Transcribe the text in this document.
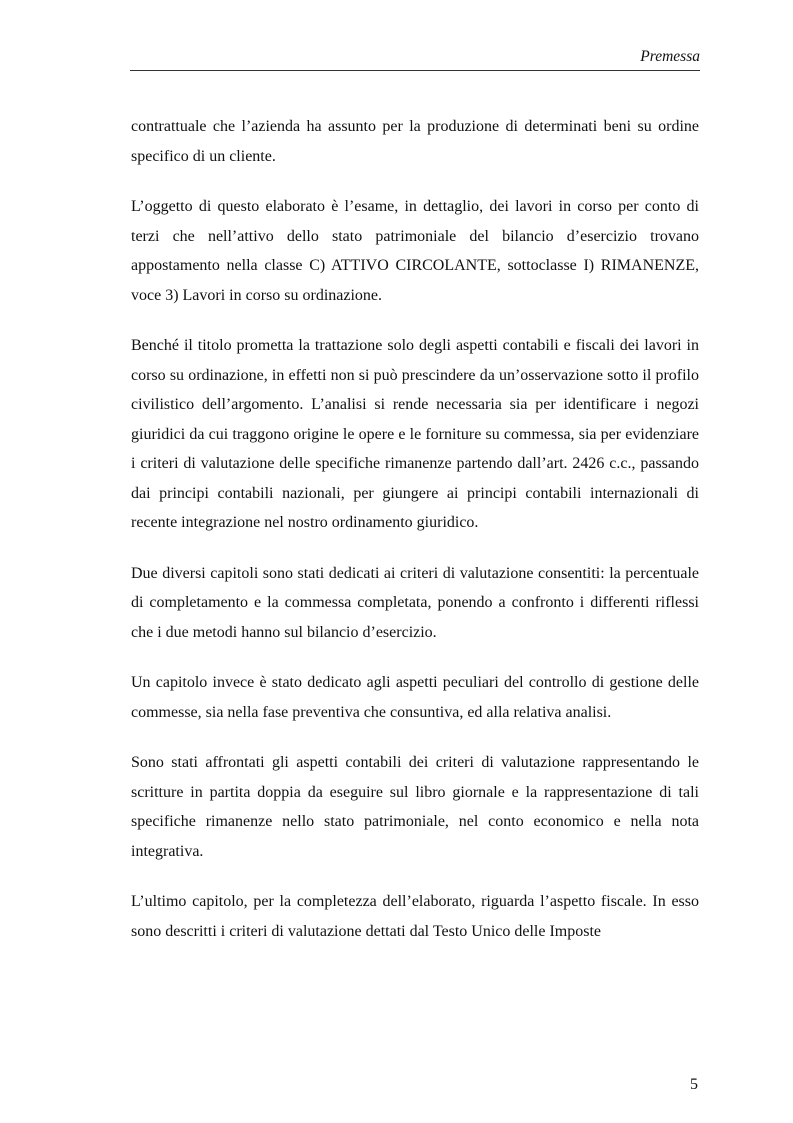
Premessa

contrattuale che l’azienda ha assunto per la produzione di determinati beni su ordine specifico di un cliente.

L’oggetto di questo elaborato è l’esame, in dettaglio, dei lavori in corso per conto di terzi che nell’attivo dello stato patrimoniale del bilancio d’esercizio trovano appostamento nella classe C) ATTIVO CIRCOLANTE, sottoclasse I) RIMANENZE, voce 3) Lavori in corso su ordinazione.

Benché il titolo prometta la trattazione solo degli aspetti contabili e fiscali dei lavori in corso su ordinazione, in effetti non si può prescindere da un’osservazione sotto il profilo civilistico dell’argomento. L’analisi si rende necessaria sia per identificare i negozi giuridici da cui traggono origine le opere e le forniture su commessa, sia per evidenziare i criteri di valutazione delle specifiche rimanenze partendo dall’art. 2426 c.c., passando dai principi contabili nazionali, per giungere ai principi contabili internazionali di recente integrazione nel nostro ordinamento giuridico.

Due diversi capitoli sono stati dedicati ai criteri di valutazione consentiti: la percentuale di completamento e la commessa completata, ponendo a confronto i differenti riflessi che i due metodi hanno sul bilancio d’esercizio.

Un capitolo invece è stato dedicato agli aspetti peculiari del controllo di gestione delle commesse, sia nella fase preventiva che consuntiva, ed alla relativa analisi.

Sono stati affrontati gli aspetti contabili dei criteri di valutazione rappresentando le scritture in partita doppia da eseguire sul libro giornale e la rappresentazione di tali specifiche rimanenze nello stato patrimoniale, nel conto economico e nella nota integrativa.

L’ultimo capitolo, per la completezza dell’elaborato, riguarda l’aspetto fiscale. In esso sono descritti i criteri di valutazione dettati dal Testo Unico delle Imposte

5
